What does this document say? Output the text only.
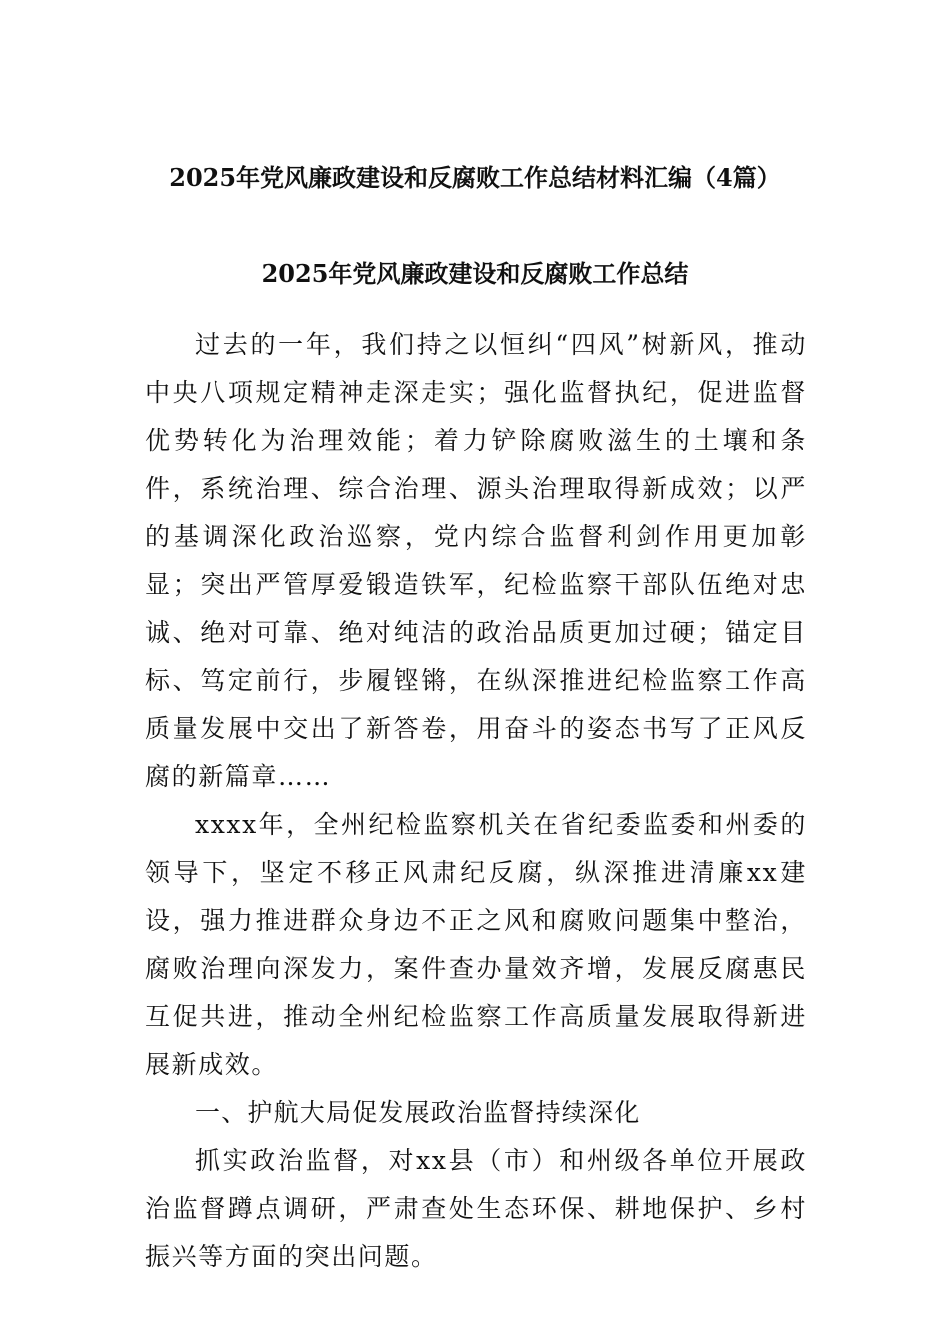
2025年党风廉政建设和反腐败工作总结材料汇编（4篇）
2025年党风廉政建设和反腐败工作总结

过去的一年，我们持之以恒纠“四风”树新风，推动中央八项规定精神走深走实；强化监督执纪，促进监督优势转化为治理效能；着力铲除腐败滋生的土壤和条件，系统治理、综合治理、源头治理取得新成效；以严的基调深化政治巡察，党内综合监督利剑作用更加彰显；突出严管厚爱锻造铁军，纪检监察干部队伍绝对忠诚、绝对可靠、绝对纯洁的政治品质更加过硬；锚定目标、笃定前行，步履铿锵，在纵深推进纪检监察工作高质量发展中交出了新答卷，用奋斗的姿态书写了正风反腐的新篇章……

xxxx年，全州纪检监察机关在省纪委监委和州委的领导下，坚定不移正风肃纪反腐，纵深推进清廉xx建设，强力推进群众身边不正之风和腐败问题集中整治，腐败治理向深发力，案件查办量效齐增，发展反腐惠民互促共进，推动全州纪检监察工作高质量发展取得新进展新成效。

一、护航大局促发展政治监督持续深化

抓实政治监督，对xx县（市）和州级各单位开展政治监督蹲点调研，严肃查处生态环保、耕地保护、乡村振兴等方面的突出问题。
